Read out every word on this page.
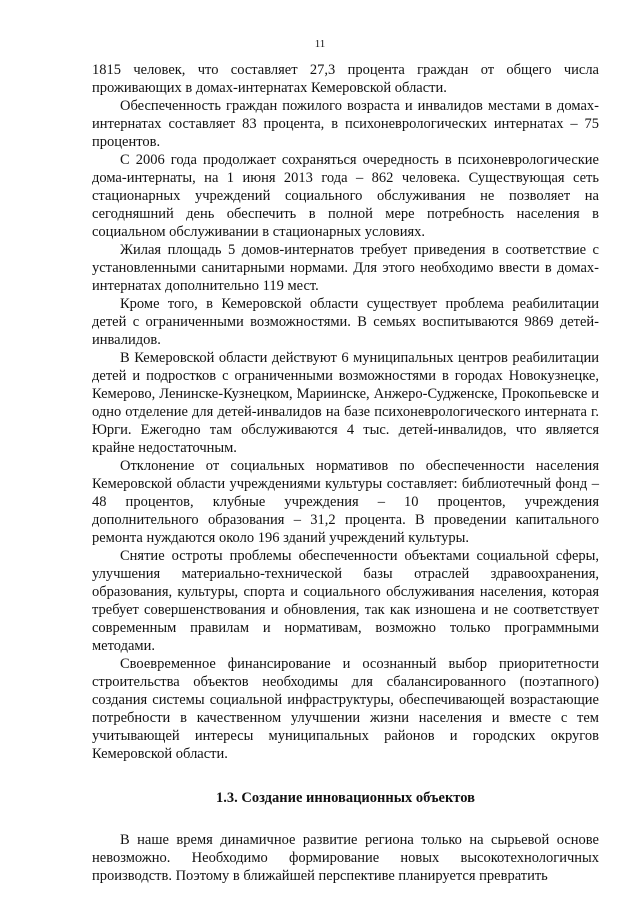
11

1815 человек, что составляет 27,3 процента граждан от общего числа проживающих в домах-интернатах Кемеровской области.

Обеспеченность граждан пожилого возраста и инвалидов местами в домах-интернатах составляет 83 процента, в психоневрологических интернатах – 75 процентов.

С 2006 года продолжает сохраняться очередность в психоневрологические дома-интернаты, на 1 июня 2013 года – 862 человека. Существующая сеть стационарных учреждений социального обслуживания не позволяет на сегодняшний день обеспечить в полной мере потребность населения в социальном обслуживании в стационарных условиях.

Жилая площадь 5 домов-интернатов требует приведения в соответствие с установленными санитарными нормами. Для этого необходимо ввести в домах-интернатах дополнительно 119 мест.

Кроме того, в Кемеровской области существует проблема реабилитации детей с ограниченными возможностями. В семьях воспитываются 9869 детей-инвалидов.

В Кемеровской области действуют 6 муниципальных центров реабилитации детей и подростков с ограниченными возможностями в городах Новокузнецке, Кемерово, Ленинске-Кузнецком, Мариинске, Анжеро-Судженске, Прокопьевске и одно отделение для детей-инвалидов на базе психоневрологического интерната г. Юрги. Ежегодно там обслуживаются 4 тыс. детей-инвалидов, что является крайне недостаточным.

Отклонение от социальных нормативов по обеспеченности населения Кемеровской области учреждениями культуры составляет: библиотечный фонд – 48 процентов, клубные учреждения – 10 процентов, учреждения дополнительного образования – 31,2 процента. В проведении капитального ремонта нуждаются около 196 зданий учреждений культуры.

Снятие остроты проблемы обеспеченности объектами социальной сферы, улучшения материально-технической базы отраслей здравоохранения, образования, культуры, спорта и социального обслуживания населения, которая требует совершенствования и обновления, так как изношена и не соответствует современным правилам и нормативам, возможно только программными методами.

Своевременное финансирование и осознанный выбор приоритетности строительства объектов необходимы для сбалансированного (поэтапного) создания системы социальной инфраструктуры, обеспечивающей возрастающие потребности в качественном улучшении жизни населения и вместе с тем учитывающей интересы муниципальных районов и городских округов Кемеровской области.

1.3. Создание инновационных объектов

В наше время динамичное развитие региона только на сырьевой основе невозможно. Необходимо формирование новых высокотехнологичных производств. Поэтому в ближайшей перспективе планируется превратить
